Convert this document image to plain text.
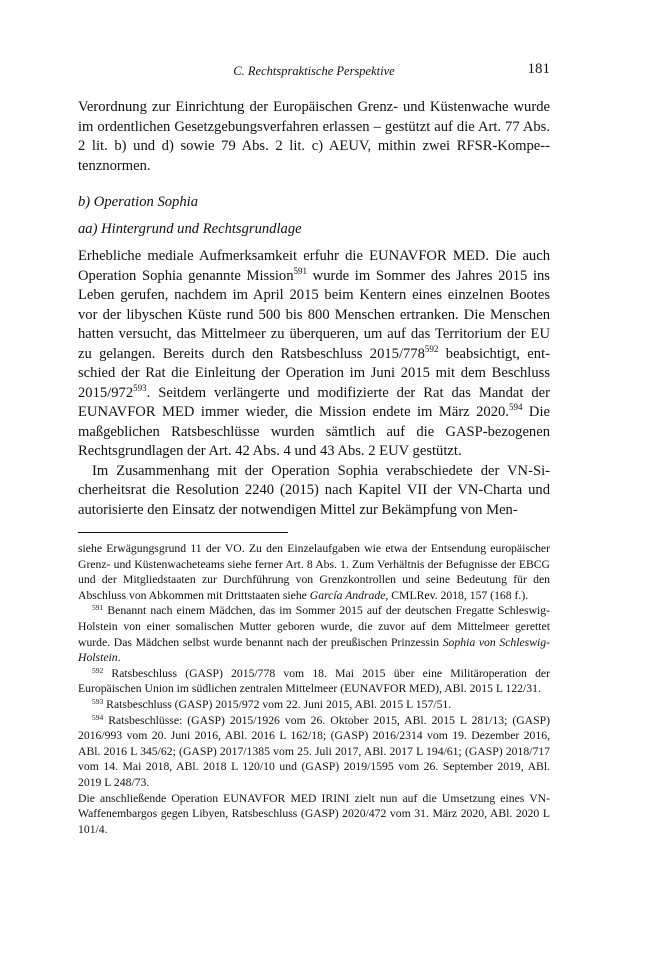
C. Rechtspraktische Perspektive	181

Verordnung zur Einrichtung der Europäischen Grenz- und Küstenwache wurde im ordentlichen Gesetzgebungsverfahren erlassen – gestützt auf die Art. 77 Abs. 2 lit. b) und d) sowie 79 Abs. 2 lit. c) AEUV, mithin zwei RFSR-Kompe-tenznormen.

b) Operation Sophia
aa) Hintergrund und Rechtsgrundlage

Erhebliche mediale Aufmerksamkeit erfuhr die EUNAVFOR MED. Die auch Operation Sophia genannte Mission$^{591}$ wurde im Sommer des Jahres 2015 ins Leben gerufen, nachdem im April 2015 beim Kentern eines einzelnen Bootes vor der libyschen Küste rund 500 bis 800 Menschen ertranken. Die Menschen hatten versucht, das Mittelmeer zu überqueren, um auf das Territorium der EU zu gelangen. Bereits durch den Ratsbeschluss $2015/778^{592}$ beabsichtigt, entschied der Rat die Einleitung der Operation im Juni 2015 mit dem Beschluss $2015/972^{593}$. Seitdem verlängerte und modifizierte der Rat das Mandat der EUNAVFOR MED immer wieder, die Mission endete im März 2020.$^{594}$ Die maßgeblichen Ratsbeschlüsse wurden sämtlich auf die GASP-bezogenen Rechtsgrundlagen der Art. 42 Abs. 4 und 43 Abs. 2 EUV gestützt.

Im Zusammenhang mit der Operation Sophia verabschiedete der VN-Sicherheitsrat die Resolution 2240 (2015) nach Kapitel VII der VN-Charta und autorisierte den Einsatz der notwendigen Mittel zur Bekämpfung von Men-

siehe Erwägungsgrund 11 der VO. Zu den Einzelaufgaben wie etwa der Entsendung europäischer Grenz- und Küstenwacheteams siehe ferner Art. 8 Abs. 1. Zum Verhältnis der Befugnisse der EBCG und der Mitgliedstaaten zur Durchführung von Grenzkontrollen und seine Bedeutung für den Abschluss von Abkommen mit Drittstaaten siehe García Andrade, CMLRev. 2018, 157 (168 f.).

$^{591}$ Benannt nach einem Mädchen, das im Sommer 2015 auf der deutschen Fregatte Schleswig-Holstein von einer somalischen Mutter geboren wurde, die zuvor auf dem Mittelmeer gerettet wurde. Das Mädchen selbst wurde benannt nach der preußischen Prinzessin Sophia von Schleswig-Holstein.

$^{592}$ Ratsbeschluss (GASP) 2015/778 vom 18. Mai 2015 über eine Militäroperation der Europäischen Union im südlichen zentralen Mittelmeer (EUNAVFOR MED), ABl. 2015 L 122/31.

$^{593}$ Ratsbeschluss (GASP) 2015/972 vom 22. Juni 2015, ABl. 2015 L 157/51.

$^{594}$ Ratsbeschlüsse: (GASP) 2015/1926 vom 26. Oktober 2015, ABl. 2015 L 281/13; (GASP) 2016/993 vom 20. Juni 2016, ABl. 2016 L 162/18; (GASP) 2016/2314 vom 19. Dezember 2016, ABl. 2016 L 345/62; (GASP) 2017/1385 vom 25. Juli 2017, ABl. 2017 L 194/61; (GASP) 2018/717 vom 14. Mai 2018, ABl. 2018 L 120/10 und (GASP) 2019/1595 vom 26. September 2019, ABl. 2019 L 248/73.

Die anschließende Operation EUNAVFOR MED IRINI zielt nun auf die Umsetzung eines VN-Waffenembargos gegen Libyen, Ratsbeschluss (GASP) 2020/472 vom 31. März 2020, ABl. 2020 L 101/4.
